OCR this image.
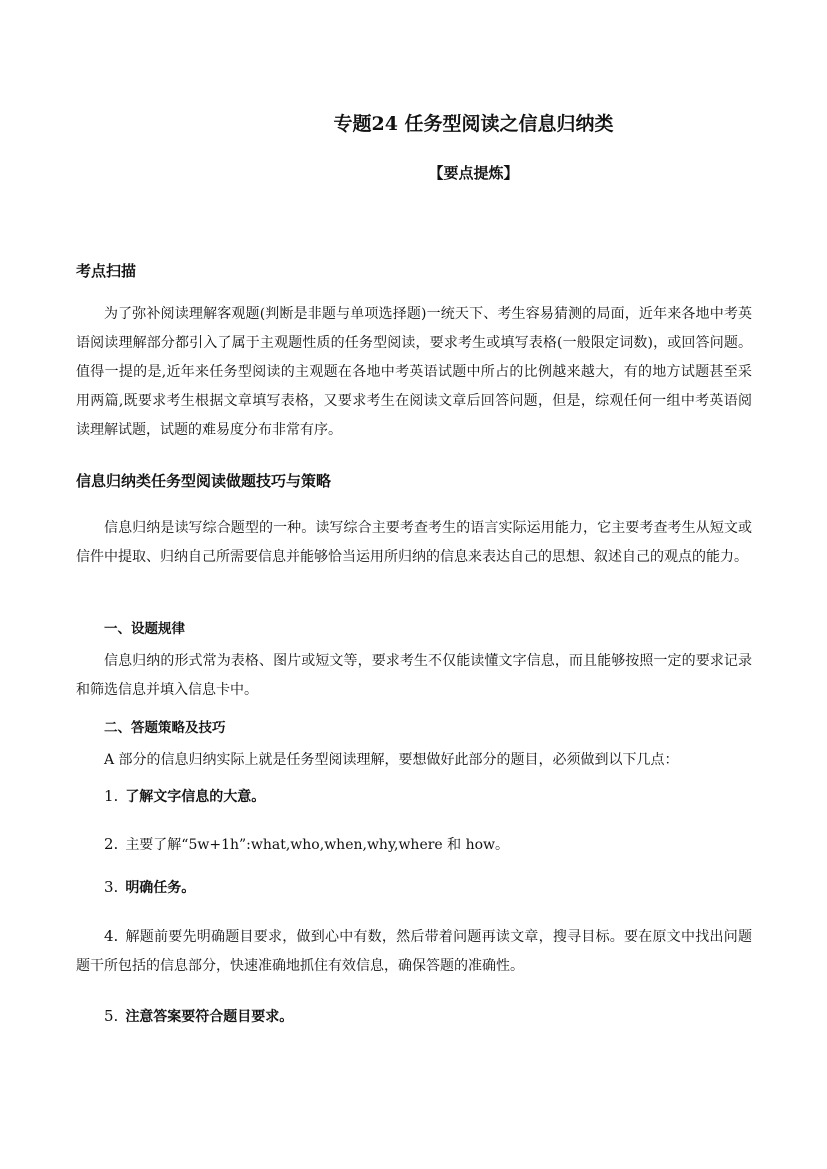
专题24 任务型阅读之信息归纳类
【要点提炼】
考点扫描

为了弥补阅读理解客观题(判断是非题与单项选择题)一统天下、考生容易猜测的局面，近年来各地中考英语阅读理解部分都引入了属于主观题性质的任务型阅读，要求考生或填写表格(一般限定词数)，或回答问题。值得一提的是,近年来任务型阅读的主观题在各地中考英语试题中所占的比例越来越大，有的地方试题甚至采用两篇,既要求考生根据文章填写表格，又要求考生在阅读文章后回答问题，但是，综观任何一组中考英语阅读理解试题，试题的难易度分布非常有序。

信息归纳类任务型阅读做题技巧与策略

信息归纳是读写综合题型的一种。读写综合主要考查考生的语言实际运用能力，它主要考查考生从短文或信件中提取、归纳自己所需要信息并能够恰当运用所归纳的信息来表达自己的思想、叙述自己的观点的能力。

一、设题规律

信息归纳的形式常为表格、图片或短文等，要求考生不仅能读懂文字信息，而且能够按照一定的要求记录和筛选信息并填入信息卡中。

二、答题策略及技巧

A 部分的信息归纳实际上就是任务型阅读理解，要想做好此部分的题目，必须做到以下几点：

1. 了解文字信息的大意。
2. 主要了解“5w+1h”:what,who,when,why,where 和 how。
3. 明确任务。
4. 解题前要先明确题目要求，做到心中有数，然后带着问题再读文章，搜寻目标。要在原文中找出问题题干所包括的信息部分，快速准确地抓住有效信息，确保答题的准确性。
5. 注意答案要符合题目要求。
